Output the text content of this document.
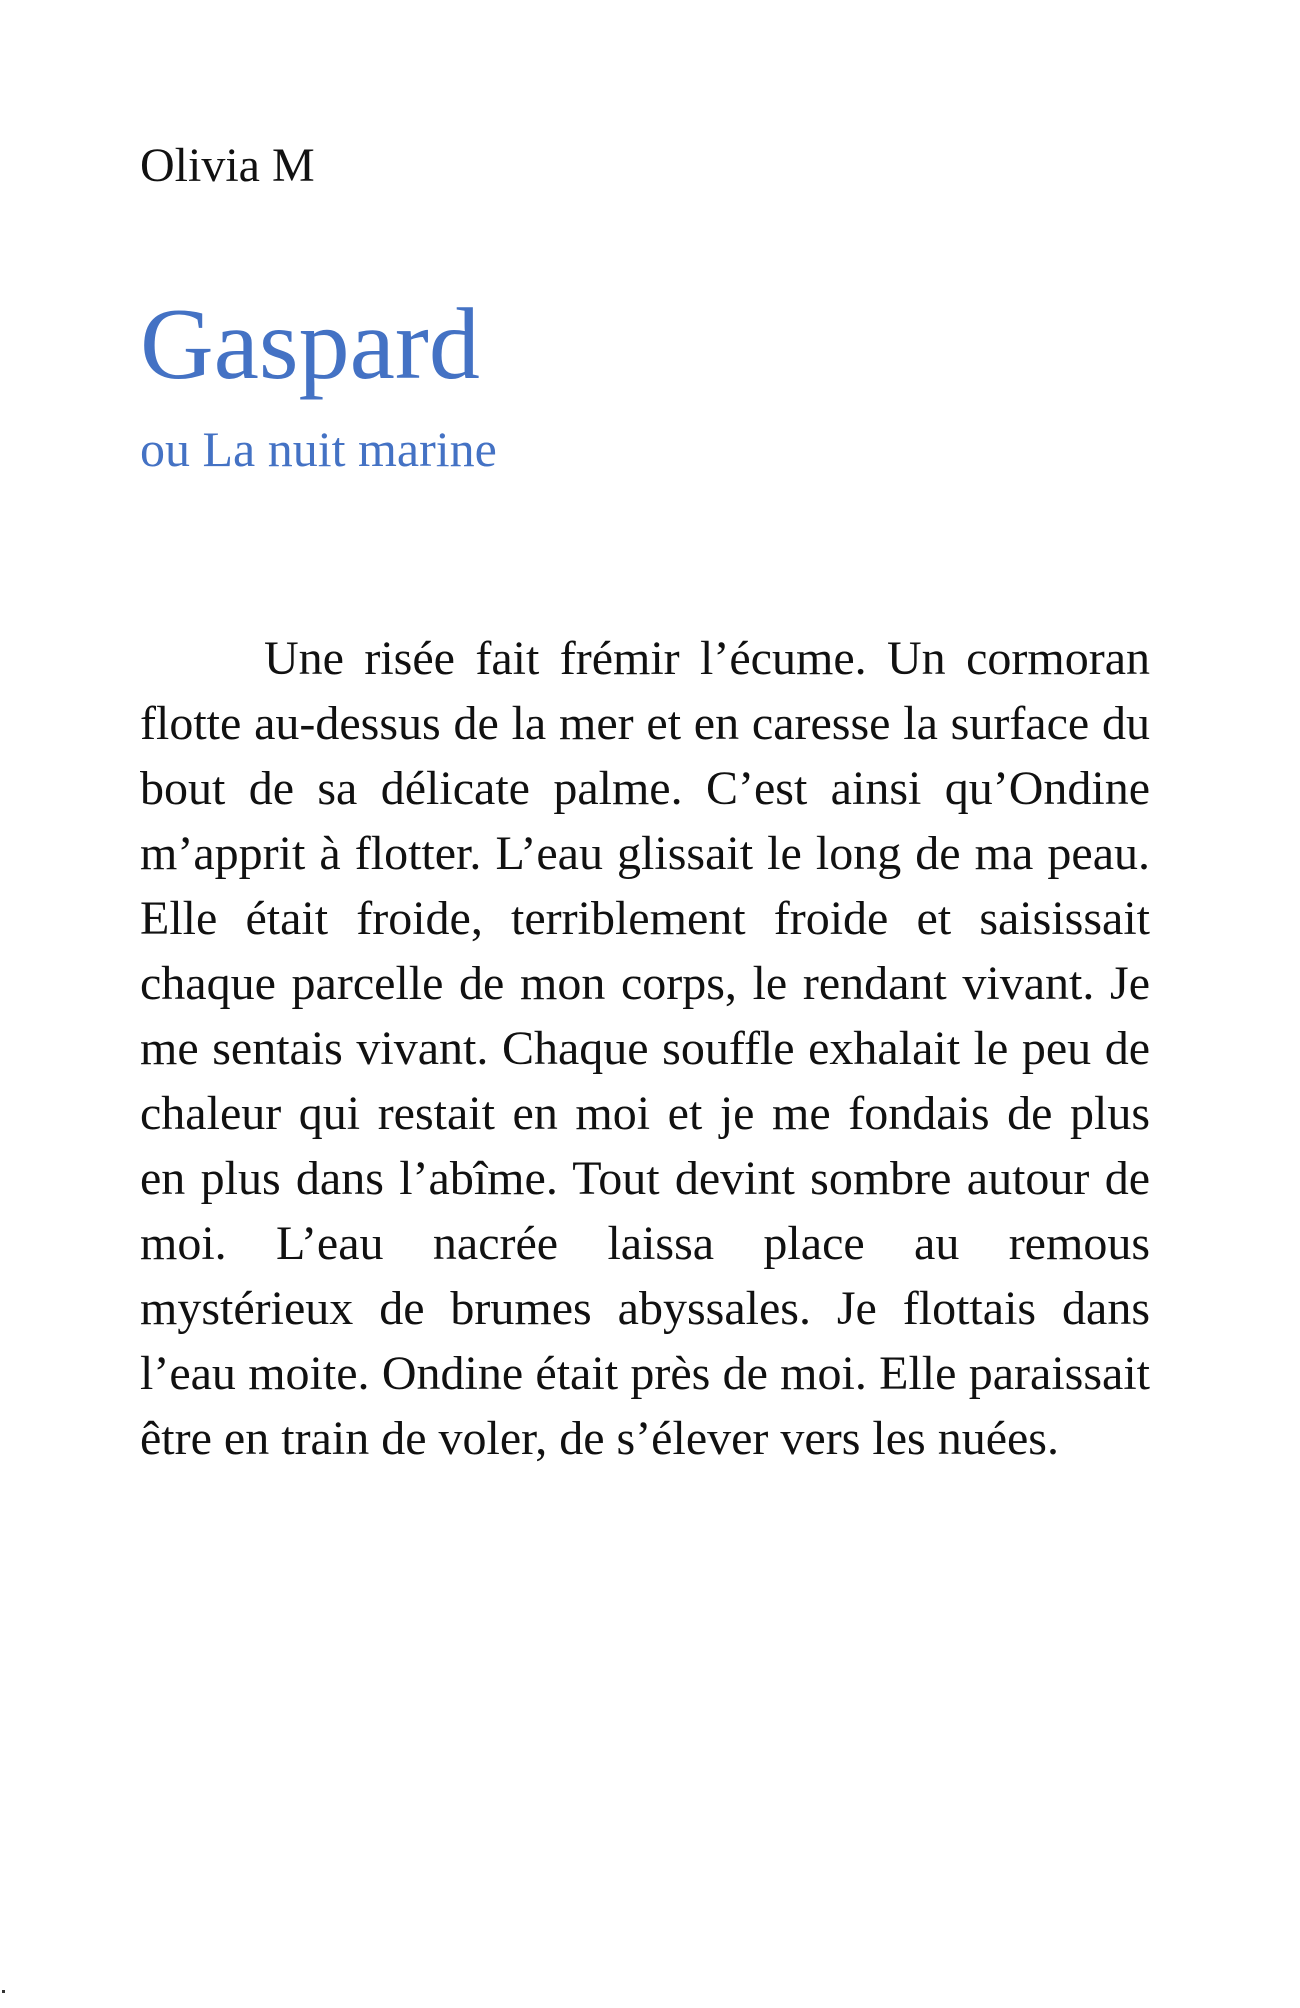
Olivia M

Gaspard
ou La nuit marine

Une risée fait frémir l’écume. Un cormoran flotte au-dessus de la mer et en caresse la surface du bout de sa délicate palme. C’est ainsi qu’Ondine m’apprit à flotter. L’eau glissait le long de ma peau. Elle était froide, terriblement froide et saisissait chaque parcelle de mon corps, le rendant vivant. Je me sentais vivant. Chaque souffle exhalait le peu de chaleur qui restait en moi et je me fondais de plus en plus dans l’abîme. Tout devint sombre autour de moi. L’eau nacrée laissa place au remous mystérieux de brumes abyssales. Je flottais dans l’eau moite. Ondine était près de moi. Elle paraissait être en train de voler, de s’élever vers les nuées.
